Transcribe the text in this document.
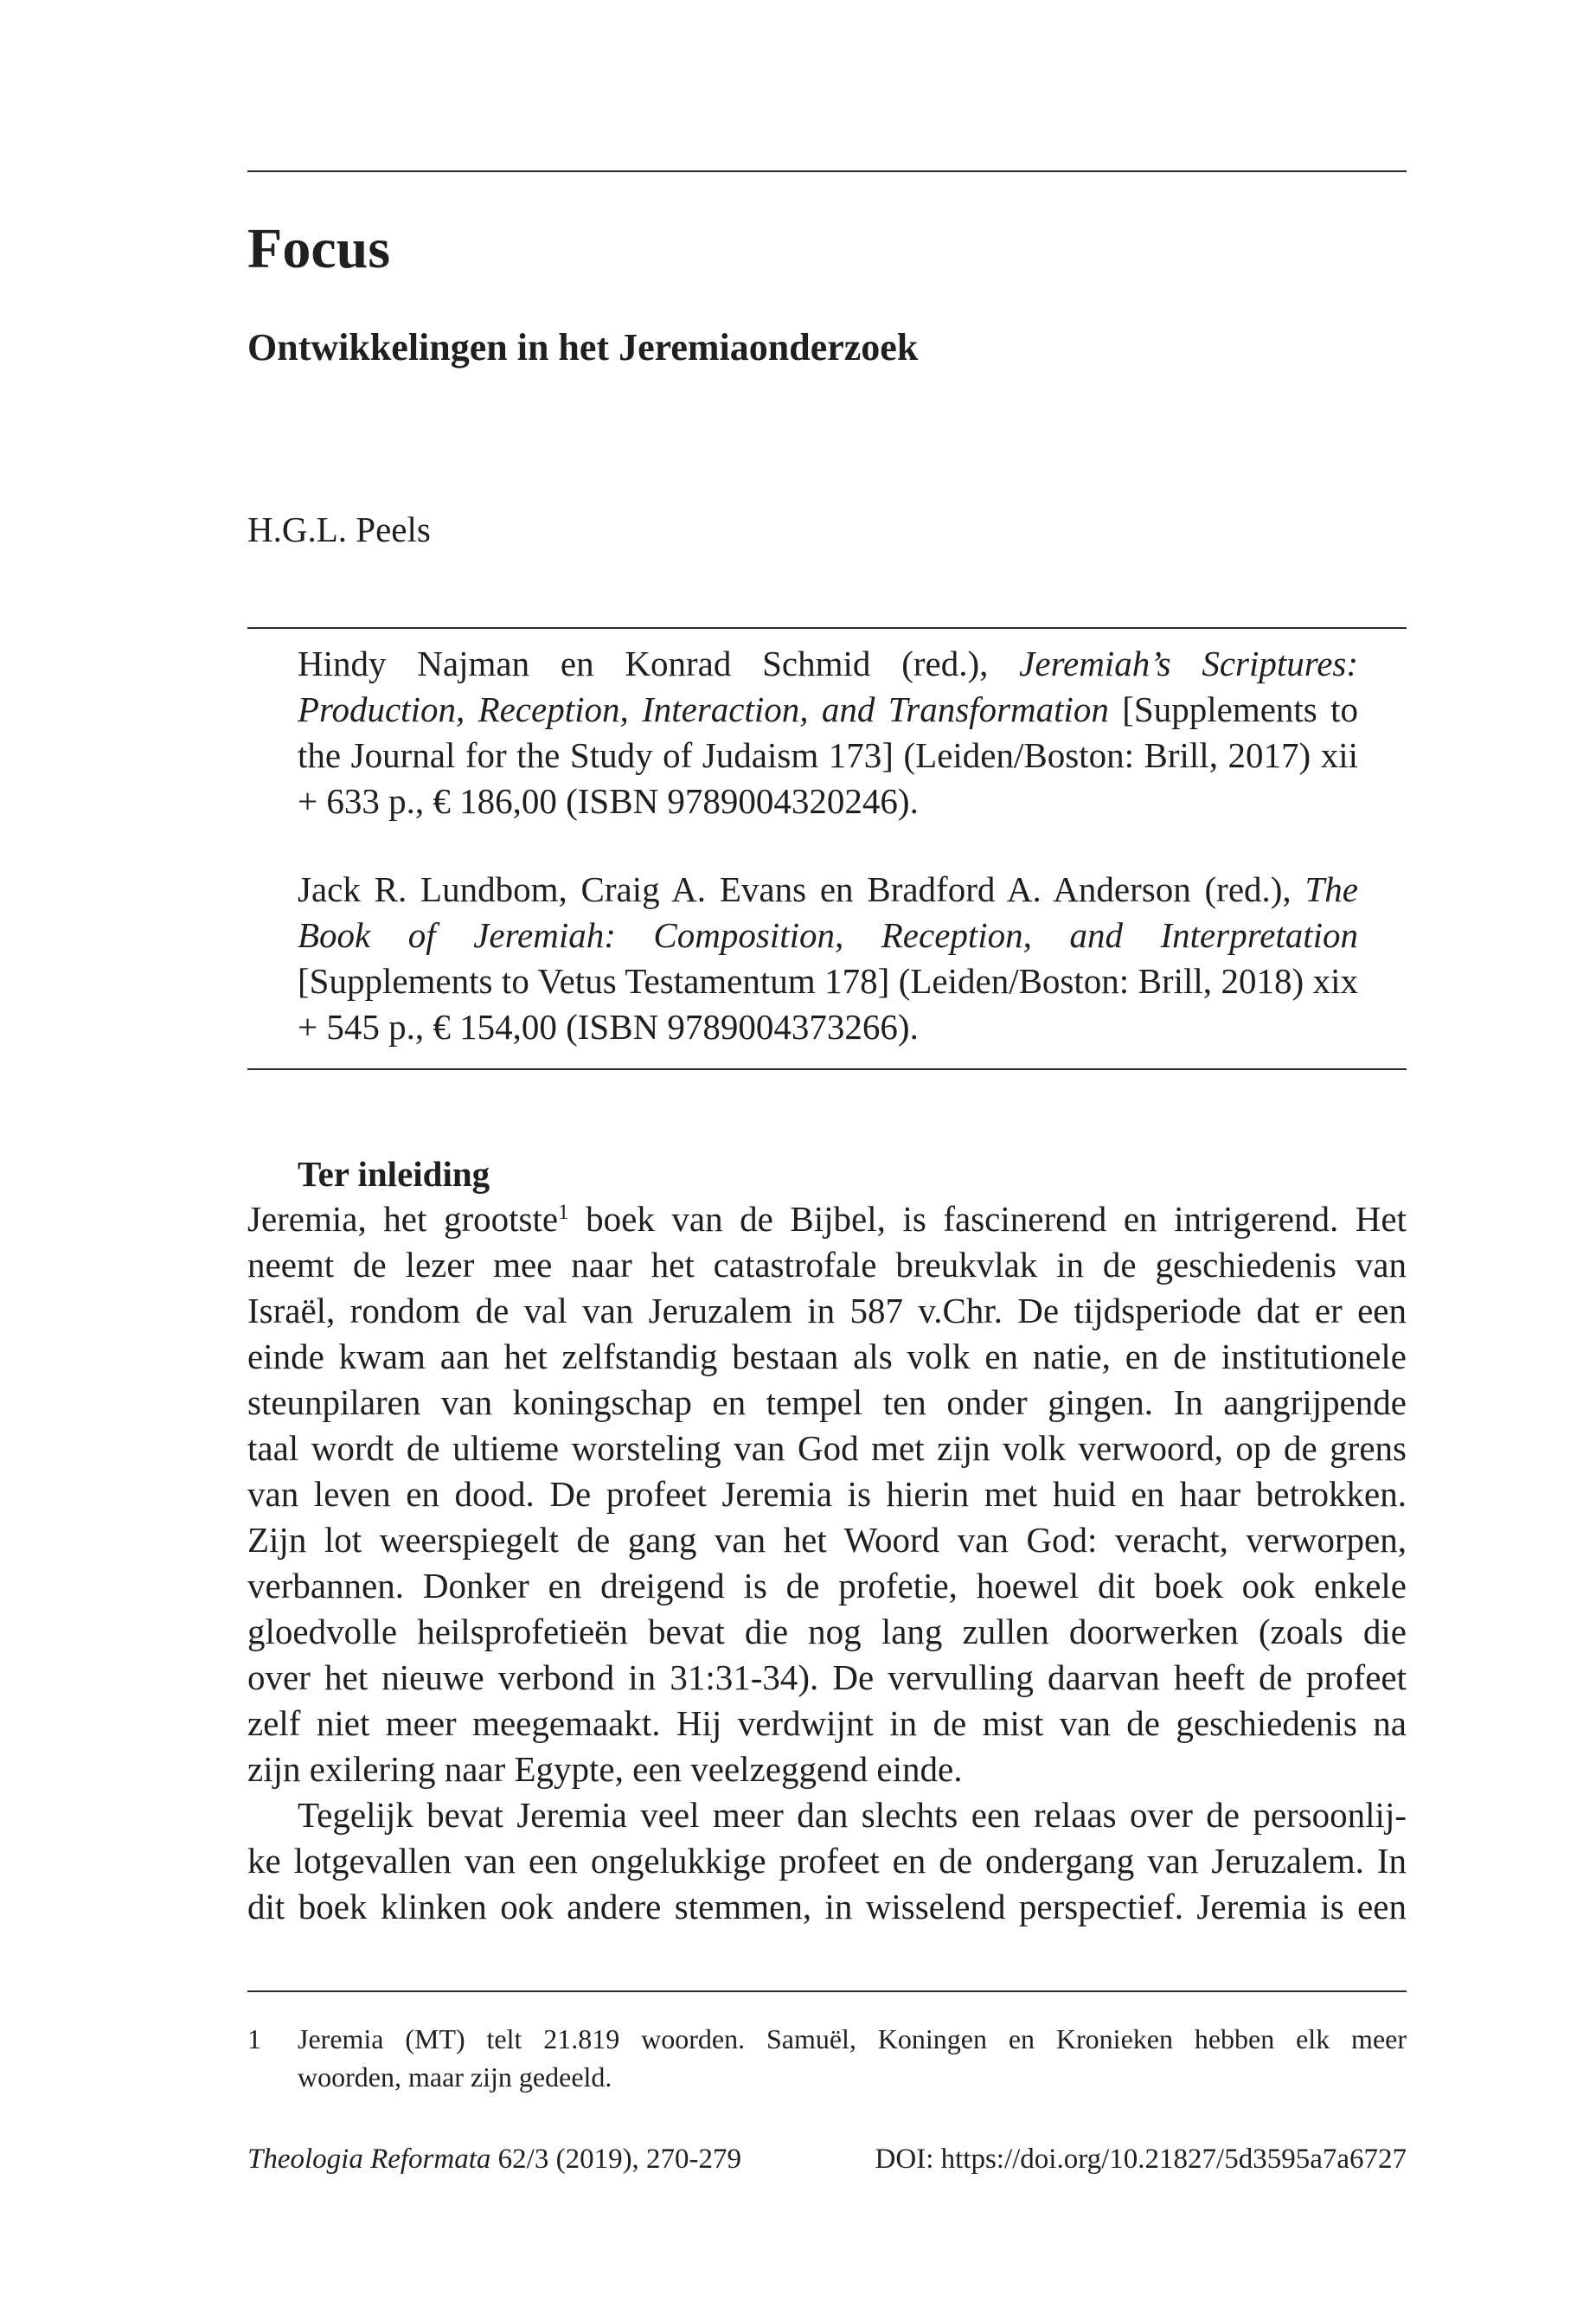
Focus
Ontwikkelingen in het Jeremiaonderzoek
H.G.L. Peels
Hindy Najman en Konrad Schmid (red.), Jeremiah’s Scriptures: Production, Reception, Interaction, and Transformation [Supplements to the Journal for the Study of Judaism 173] (Leiden/Boston: Brill, 2017) xii + 633 p., € 186,00 (ISBN 9789004320246).
Jack R. Lundbom, Craig A. Evans en Bradford A. Anderson (red.), The Book of Jeremiah: Composition, Reception, and Interpretation [Supplements to Vetus Testamentum 178] (Leiden/Boston: Brill, 2018) xix + 545 p., € 154,00 (ISBN 9789004373266).
Ter inleiding
Jeremia, het grootste$^1$ boek van de Bijbel, is fascinerend en intrigerend. Het
neemt de lezer mee naar het catastrofale breukvlak in de geschiedenis van
Israël, rondom de val van Jeruzalem in 587 v.Chr. De tijdsperiode dat er een
einde kwam aan het zelfstandig bestaan als volk en natie, en de institutionele
steunpilaren van koningschap en tempel ten onder gingen. In aangrijpende
taal wordt de ultieme worsteling van God met zijn volk verwoord, op de grens
van leven en dood. De profeet Jeremia is hierin met huid en haar betrokken.
Zijn lot weerspiegelt de gang van het Woord van God: veracht, verworpen,
verbannen. Donker en dreigend is de profetie, hoewel dit boek ook enkele
gloedvolle heilsprofetieën bevat die nog lang zullen doorwerken (zoals die
over het nieuwe verbond in 31:31-34). De vervulling daarvan heeft de profeet
zelf niet meer meegemaakt. Hij verdwijnt in de mist van de geschiedenis na
zijn exilering naar Egypte, een veelzeggend einde.
Tegelijk bevat Jeremia veel meer dan slechts een relaas over de persoonlij-
ke lotgevallen van een ongelukkige profeet en de ondergang van Jeruzalem. In
dit boek klinken ook andere stemmen, in wisselend perspectief. Jeremia is een
1 Jeremia (MT) telt 21.819 woorden. Samuël, Koningen en Kronieken hebben elk meer
woorden, maar zijn gedeeld.
Theologia Reformata 62/3 (2019), 270-279	DOI: https://doi.org/10.21827/5d3595a7a6727
